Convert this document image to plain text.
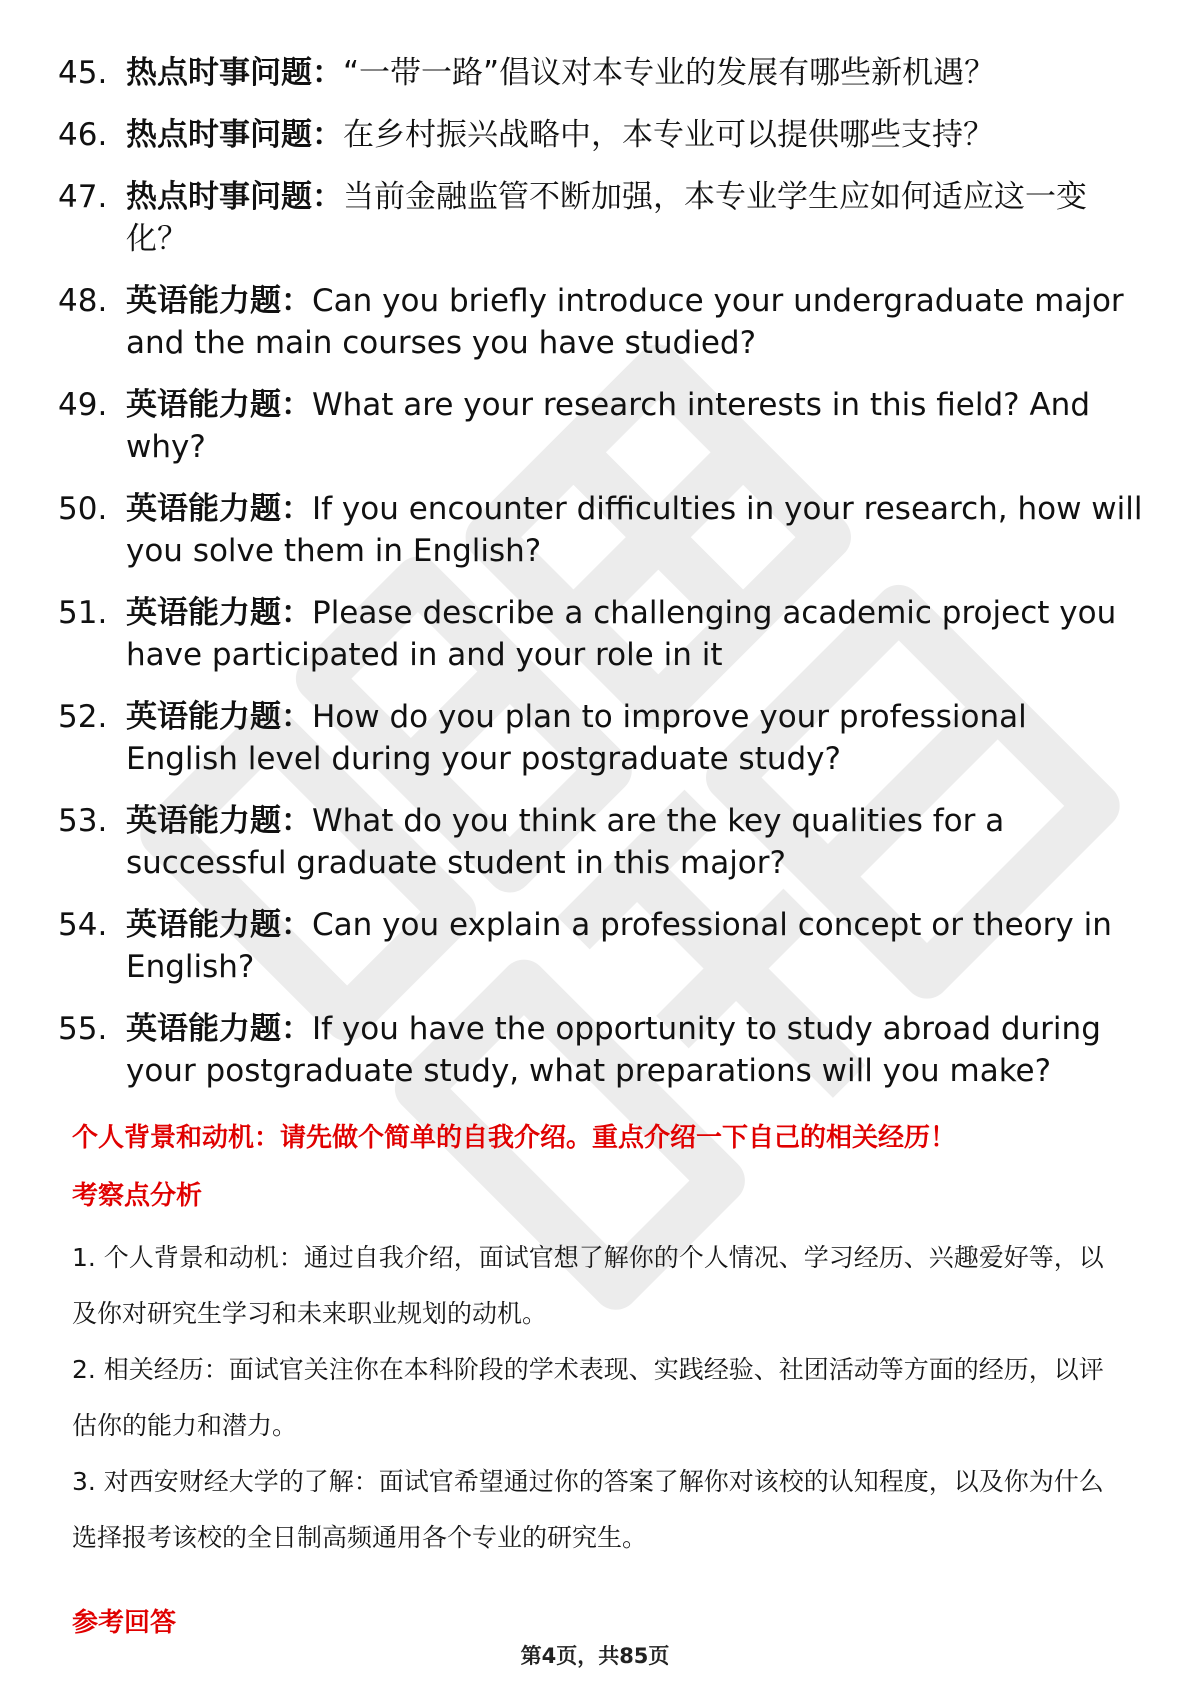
45. 热点时事问题：“一带一路”倡议对本专业的发展有哪些新机遇？
46. 热点时事问题：在乡村振兴战略中，本专业可以提供哪些支持？
47. 热点时事问题：当前金融监管不断加强，本专业学生应如何适应这一变化？
48. 英语能力题：Can you briefly introduce your undergraduate major and the main courses you have studied?
49. 英语能力题：What are your research interests in this field? And why?
50. 英语能力题：If you encounter difficulties in your research, how will you solve them in English?
51. 英语能力题：Please describe a challenging academic project you have participated in and your role in it
52. 英语能力题：How do you plan to improve your professional English level during your postgraduate study?
53. 英语能力题：What do you think are the key qualities for a successful graduate student in this major?
54. 英语能力题：Can you explain a professional concept or theory in English?
55. 英语能力题：If you have the opportunity to study abroad during your postgraduate study, what preparations will you make?

个人背景和动机：请先做个简单的自我介绍。重点介绍一下自己的相关经历！

考察点分析

1. 个人背景和动机：通过自我介绍，面试官想了解你的个人情况、学习经历、兴趣爱好等，以及你对研究生学习和未来职业规划的动机。

2. 相关经历：面试官关注你在本科阶段的学术表现、实践经验、社团活动等方面的经历，以评估你的能力和潜力。

3. 对西安财经大学的了解：面试官希望通过你的答案了解你对该校的认知程度，以及你为什么选择报考该校的全日制高频通用各个专业的研究生。

参考回答

第4页，共85页
